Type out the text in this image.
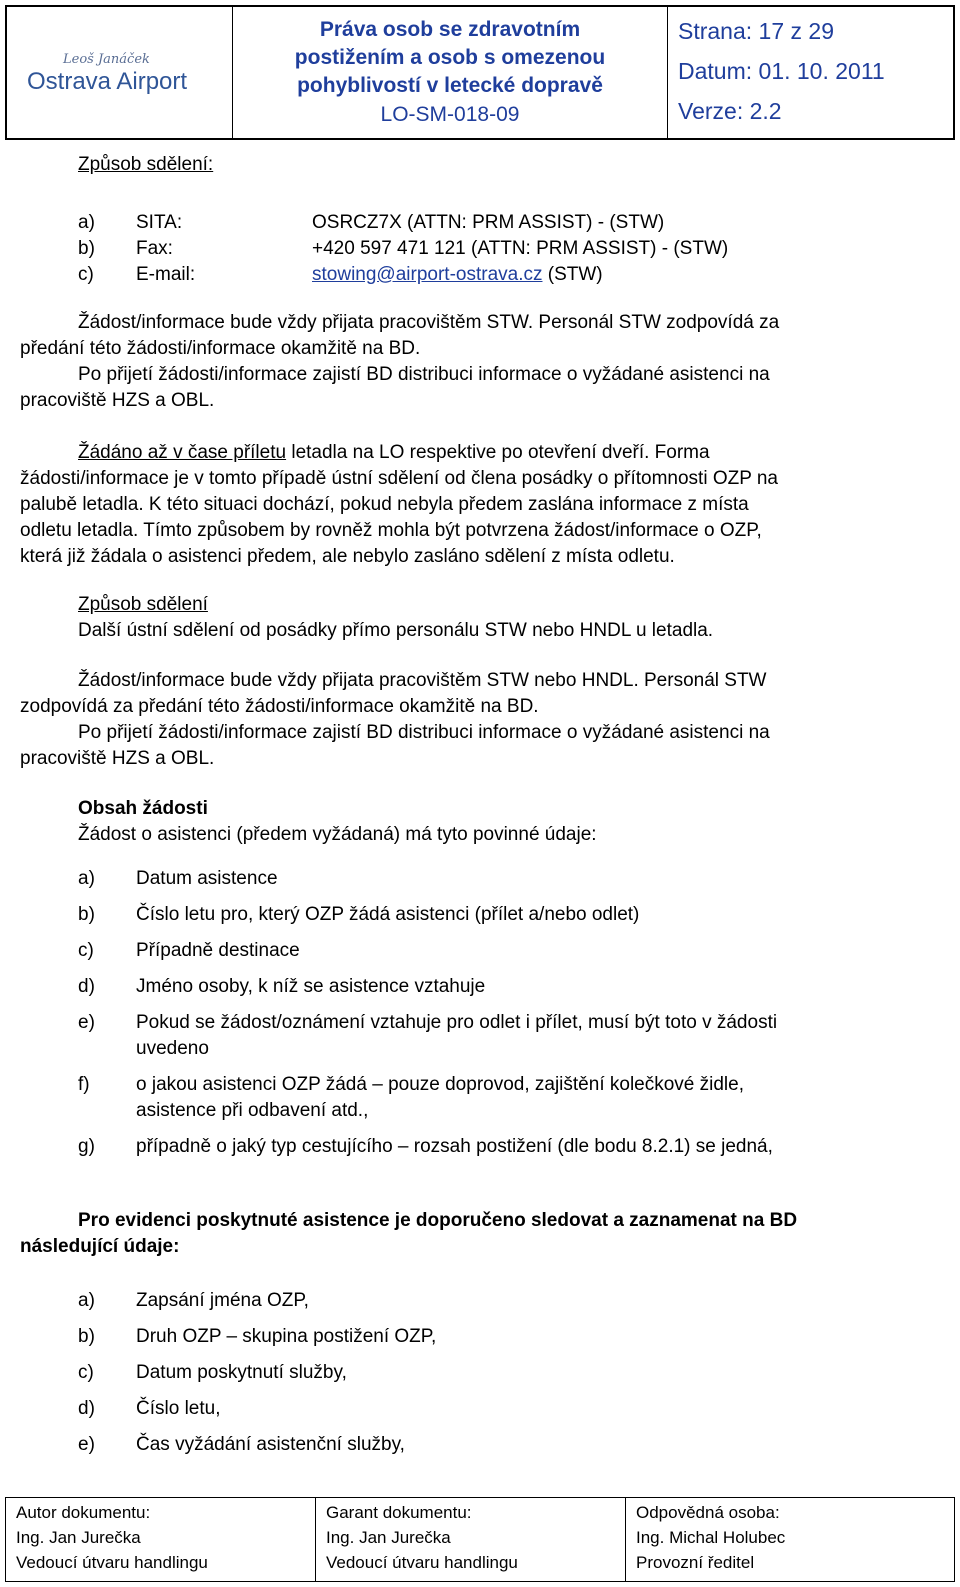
Leoš Janáček
Ostrava Airport
Práva osob se zdravotním
postižením a osob s omezenou
pohyblivostí v letecké dopravě
LO-SM-018-09
Strana: 17 z 29
Datum: 01. 10. 2011
Verze: 2.2
Způsob sdělení:
a)	SITA:	OSRCZ7X (ATTN: PRM ASSIST) - (STW)
b)	Fax:	+420 597 471 121 (ATTN: PRM ASSIST) - (STW)
c)	E-mail:	stowing@airport-ostrava.cz (STW)
Žádost/informace bude vždy přijata pracovištěm STW. Personál STW zodpovídá za
předání této žádosti/informace okamžitě na BD.
Po přijetí žádosti/informace zajistí BD distribuci informace o vyžádané asistenci na
pracoviště HZS a OBL.
Žádáno až v čase příletu letadla na LO respektive po otevření dveří. Forma
žádosti/informace je v tomto případě ústní sdělení od člena posádky o přítomnosti OZP na
palubě letadla. K této situaci dochází, pokud nebyla předem zaslána informace z místa
odletu letadla. Tímto způsobem by rovněž mohla být potvrzena žádost/informace o OZP,
která již žádala o asistenci předem, ale nebylo zasláno sdělení z místa odletu.
Způsob sdělení
Další ústní sdělení od posádky přímo personálu STW nebo HNDL u letadla.
Žádost/informace bude vždy přijata pracovištěm STW nebo HNDL. Personál STW
zodpovídá za předání této žádosti/informace okamžitě na BD.
Po přijetí žádosti/informace zajistí BD distribuci informace o vyžádané asistenci na
pracoviště HZS a OBL.
Obsah žádosti
Žádost o asistenci (předem vyžádaná) má tyto povinné údaje:
a)	Datum asistence
b)	Číslo letu pro, který OZP žádá asistenci (přílet a/nebo odlet)
c)	Případně destinace
d)	Jméno osoby, k níž se asistence vztahuje
e)	Pokud se žádost/oznámení vztahuje pro odlet i přílet, musí být toto v žádosti
uvedeno
f)	o jakou asistenci OZP žádá – pouze doprovod, zajištění kolečkové židle,
asistence při odbavení atd.,
g)	případně o jaký typ cestujícího – rozsah postižení (dle bodu 8.2.1) se jedná,
Pro evidenci poskytnuté asistence je doporučeno sledovat a zaznamenat na BD
následující údaje:
a)	Zapsání jména OZP,
b)	Druh OZP – skupina postižení OZP,
c)	Datum poskytnutí služby,
d)	Číslo letu,
e)	Čas vyžádání asistenční služby,
Autor dokumentu:
Ing. Jan Jurečka
Vedoucí útvaru handlingu
Garant dokumentu:
Ing. Jan Jurečka
Vedoucí útvaru handlingu
Odpovědná osoba:
Ing. Michal Holubec
Provozní ředitel
